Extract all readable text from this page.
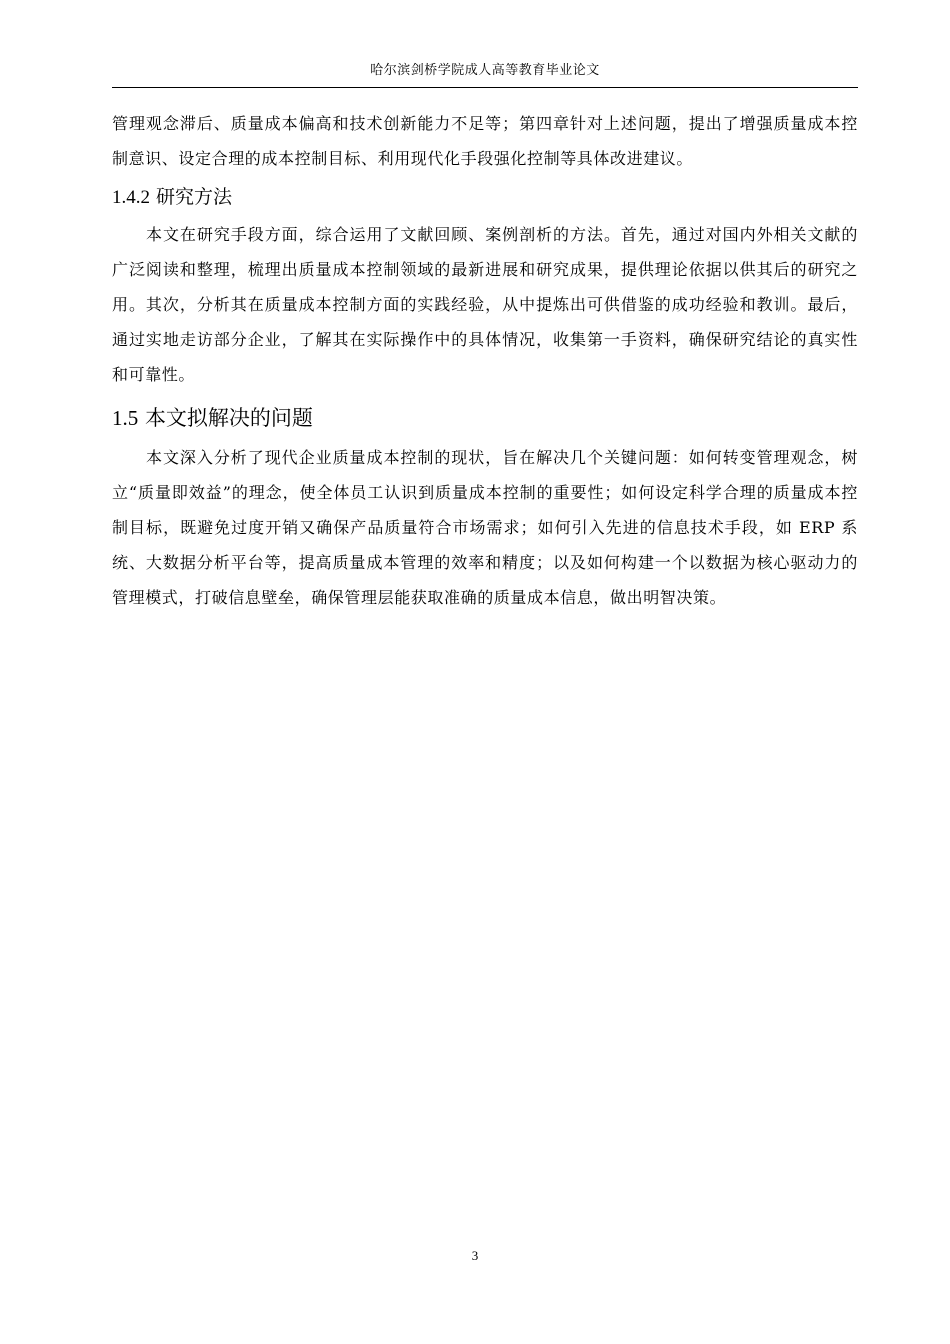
哈尔滨剑桥学院成人高等教育毕业论文

管理观念滞后、质量成本偏高和技术创新能力不足等；第四章针对上述问题，提出了增强质量成本控制意识、设定合理的成本控制目标、利用现代化手段强化控制等具体改进建议。

1.4.2 研究方法

本文在研究手段方面，综合运用了文献回顾、案例剖析的方法。首先，通过对国内外相关文献的广泛阅读和整理，梳理出质量成本控制领域的最新进展和研究成果，提供理论依据以供其后的研究之用。其次，分析其在质量成本控制方面的实践经验，从中提炼出可供借鉴的成功经验和教训。最后，通过实地走访部分企业，了解其在实际操作中的具体情况，收集第一手资料，确保研究结论的真实性和可靠性。

1.5 本文拟解决的问题

本文深入分析了现代企业质量成本控制的现状，旨在解决几个关键问题：如何转变管理观念，树立“质量即效益”的理念，使全体员工认识到质量成本控制的重要性；如何设定科学合理的质量成本控制目标，既避免过度开销又确保产品质量符合市场需求；如何引入先进的信息技术手段，如 ERP 系统、大数据分析平台等，提高质量成本管理的效率和精度；以及如何构建一个以数据为核心驱动力的管理模式，打破信息壁垒，确保管理层能获取准确的质量成本信息，做出明智决策。

3
